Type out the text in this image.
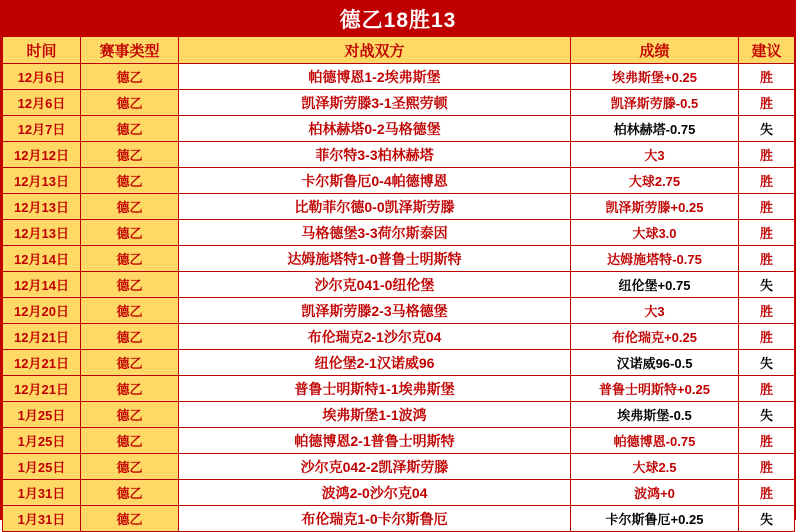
德乙18胜13
时间	赛事类型	对战双方	成绩	建议
12月6日	德乙	帕德博恩1-2埃弗斯堡	埃弗斯堡+0.25	胜
12月6日	德乙	凯泽斯劳滕3-1圣熙劳顿	凯泽斯劳滕-0.5	胜
12月7日	德乙	柏林赫塔0-2马格德堡	柏林赫塔-0.75	失
12月12日	德乙	菲尔特3-3柏林赫塔	大3	胜
12月13日	德乙	卡尔斯鲁厄0-4帕德博恩	大球2.75	胜
12月13日	德乙	比勒菲尔德0-0凯泽斯劳滕	凯泽斯劳滕+0.25	胜
12月13日	德乙	马格德堡3-3荷尔斯泰因	大球3.0	胜
12月14日	德乙	达姆施塔特1-0普鲁士明斯特	达姆施塔特-0.75	胜
12月14日	德乙	沙尔克041-0纽伦堡	纽伦堡+0.75	失
12月20日	德乙	凯泽斯劳滕2-3马格德堡	大3	胜
12月21日	德乙	布伦瑞克2-1沙尔克04	布伦瑞克+0.25	胜
12月21日	德乙	纽伦堡2-1汉诺威96	汉诺威96-0.5	失
12月21日	德乙	普鲁士明斯特1-1埃弗斯堡	普鲁士明斯特+0.25	胜
1月25日	德乙	埃弗斯堡1-1波鸿	埃弗斯堡-0.5	失
1月25日	德乙	帕德博恩2-1普鲁士明斯特	帕德博恩-0.75	胜
1月25日	德乙	沙尔克042-2凯泽斯劳滕	大球2.5	胜
1月31日	德乙	波鸿2-0沙尔克04	波鸿+0	胜
1月31日	德乙	布伦瑞克1-0卡尔斯鲁厄	卡尔斯鲁厄+0.25	失
